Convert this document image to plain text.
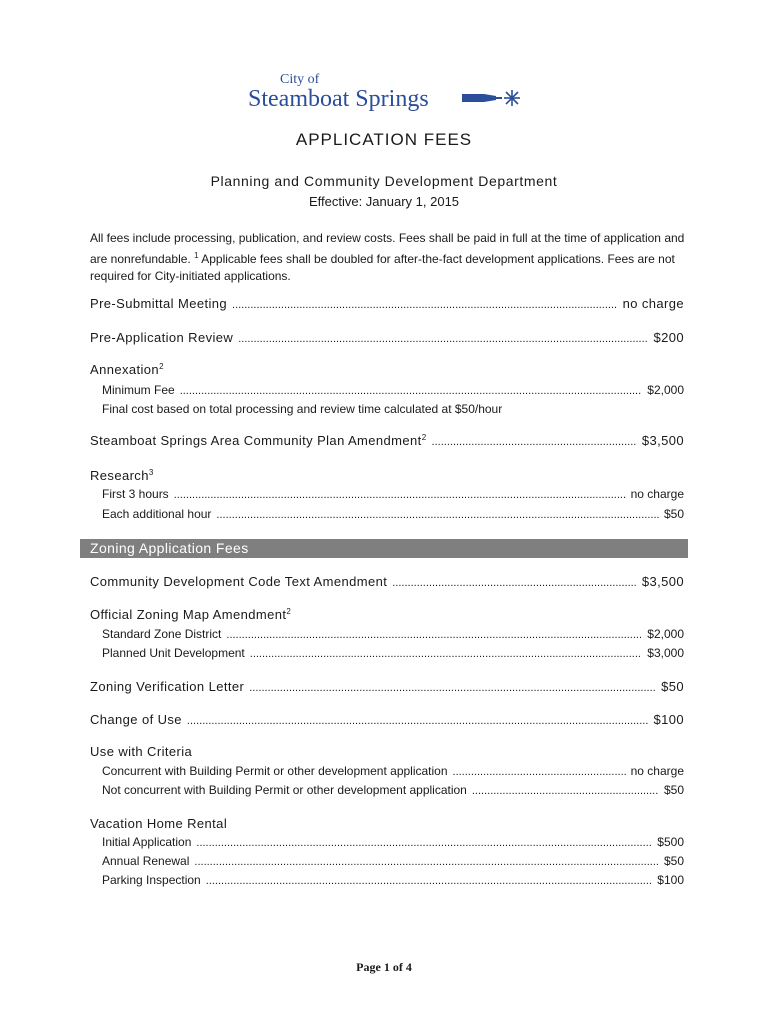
City of
Steamboat Springs
APPLICATION FEES
Planning and Community Development Department
Effective: January 1, 2015
All fees include processing, publication, and review costs. Fees shall be paid in full at the time of application and are nonrefundable. $^1$ Applicable fees shall be doubled for after-the-fact development applications. Fees are not required for City-initiated applications.
Pre-Submittal Meeting .....	no charge
Pre-Application Review .....	$200
Annexation$^2$
Minimum Fee .....	$2,000
Final cost based on total processing and review time calculated at $50/hour
Steamboat Springs Area Community Plan Amendment$^2$ .....	$3,500
Research$^3$
First 3 hours .....	no charge
Each additional hour .....	$50
Zoning Application Fees
Community Development Code Text Amendment .....	$3,500
Official Zoning Map Amendment$^2$
Standard Zone District .....	$2,000
Planned Unit Development .....	$3,000
Zoning Verification Letter .....	$50
Change of Use .....	$100
Use with Criteria
Concurrent with Building Permit or other development application .....	no charge
Not concurrent with Building Permit or other development application .....	$50
Vacation Home Rental
Initial Application .....	$500
Annual Renewal .....	$50
Parking Inspection .....	$100
Page 1 of 4
